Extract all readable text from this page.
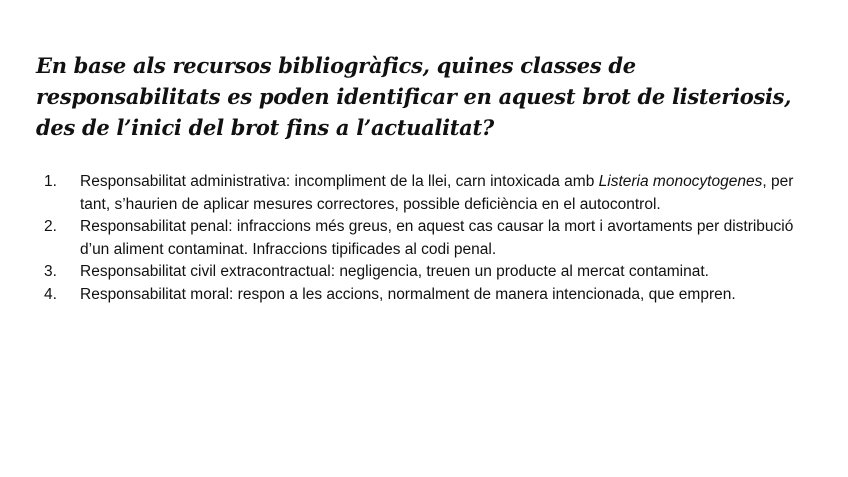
En base als recursos bibliogràfics, quines classes de responsabilitats es poden identificar en aquest brot de listeriosis, des de l’inici del brot fins a l’actualitat?
1. Responsabilitat administrativa: incompliment de la llei, carn intoxicada amb Listeria monocytogenes, per tant, s’haurien de aplicar mesures correctores, possible deficiència en el autocontrol.
2. Responsabilitat penal: infraccions més greus, en aquest cas causar la mort i avortaments per distribució d’un aliment contaminat. Infraccions tipificades al codi penal.
3. Responsabilitat civil extracontractual: negligencia, treuen un producte al mercat contaminat.
4. Responsabilitat moral: respon a les accions, normalment de manera intencionada, que empren.
